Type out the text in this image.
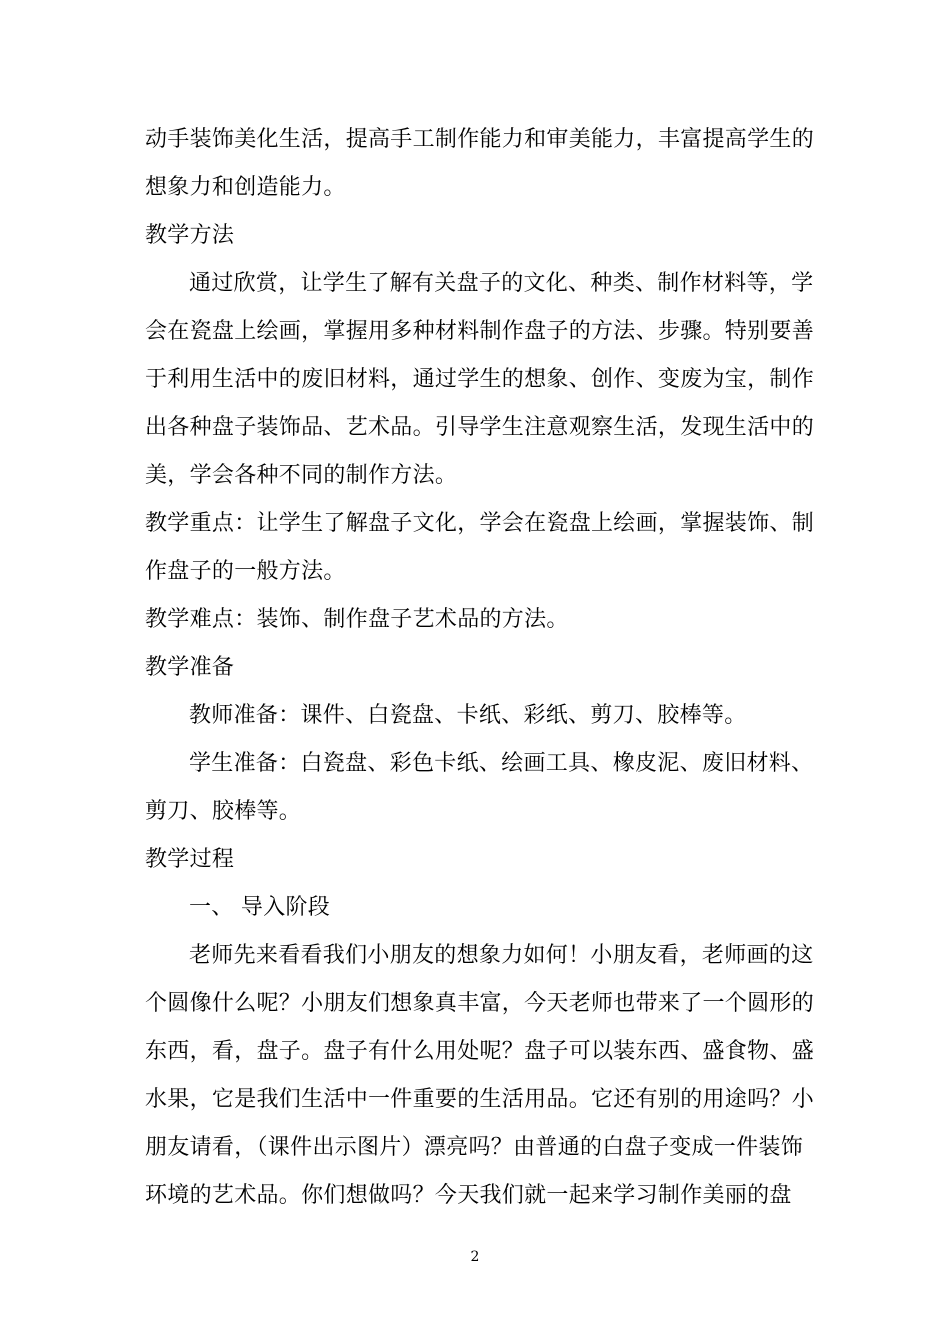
动手装饰美化生活，提高手工制作能力和审美能力，丰富提高学生的
想象力和创造能力。
教学方法
通过欣赏，让学生了解有关盘子的文化、种类、制作材料等，学
会在瓷盘上绘画，掌握用多种材料制作盘子的方法、步骤。特别要善
于利用生活中的废旧材料，通过学生的想象、创作、变废为宝，制作
出各种盘子装饰品、艺术品。引导学生注意观察生活，发现生活中的
美，学会各种不同的制作方法。
教学重点：让学生了解盘子文化，学会在瓷盘上绘画，掌握装饰、制
作盘子的一般方法。
教学难点：装饰、制作盘子艺术品的方法。
教学准备
教师准备：课件、白瓷盘、卡纸、彩纸、剪刀、胶棒等。
学生准备：白瓷盘、彩色卡纸、绘画工具、橡皮泥、废旧材料、
剪刀、胶棒等。
教学过程
一、 导入阶段
老师先来看看我们小朋友的想象力如何！小朋友看，老师画的这
个圆像什么呢？小朋友们想象真丰富，今天老师也带来了一个圆形的
东西，看，盘子。盘子有什么用处呢？盘子可以装东西、盛食物、盛
水果，它是我们生活中一件重要的生活用品。它还有别的用途吗？小
朋友请看，（课件出示图片）漂亮吗？由普通的白盘子变成一件装饰
环境的艺术品。你们想做吗？今天我们就一起来学习制作美丽的盘
2
